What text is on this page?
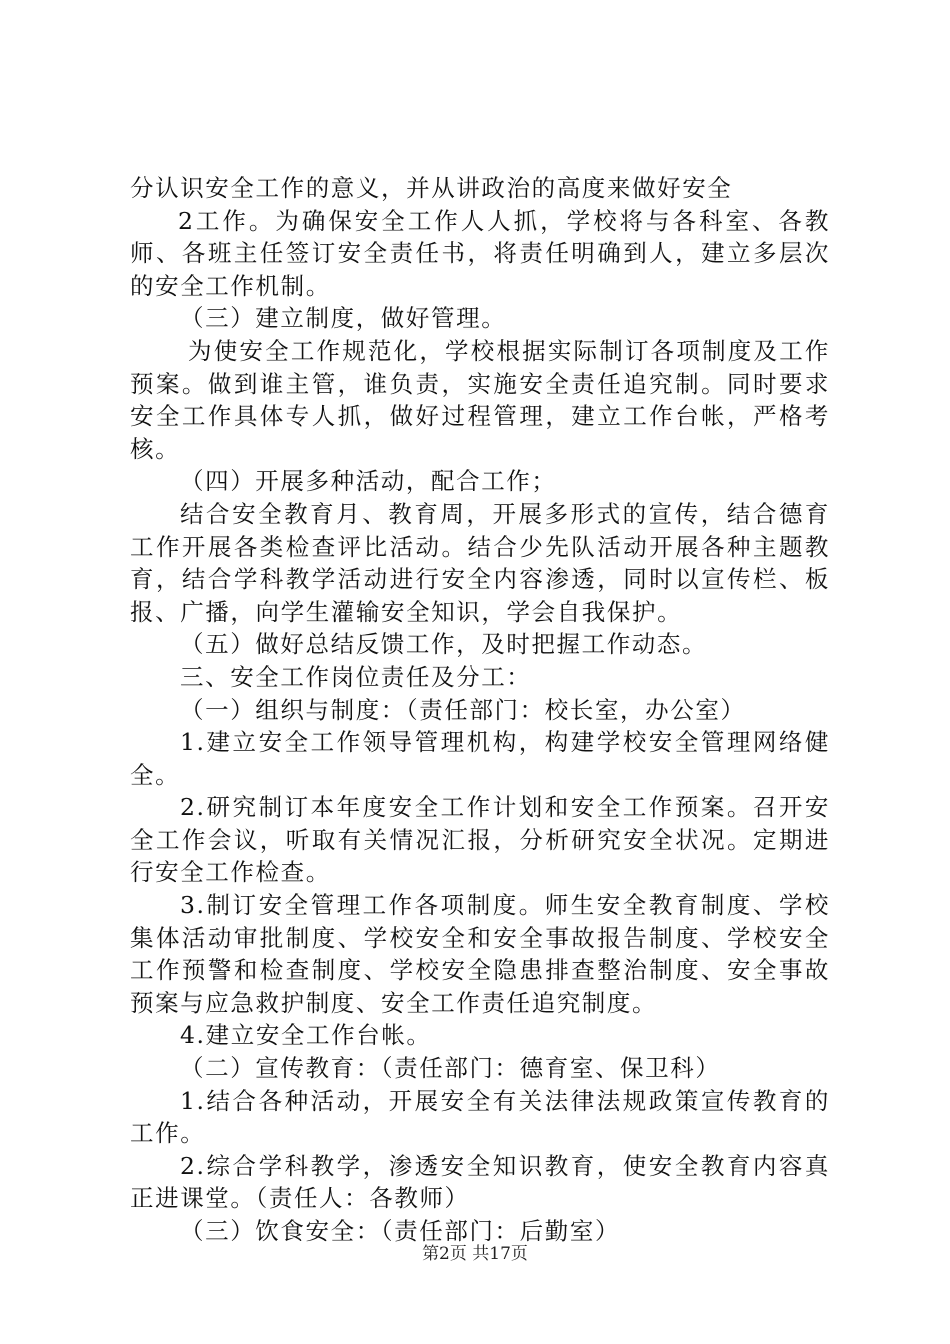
分认识安全工作的意义，并从讲政治的高度来做好安全

2工作。为确保安全工作人人抓，学校将与各科室、各教师、各班主任签订安全责任书，将责任明确到人，建立多层次的安全工作机制。

（三）建立制度，做好管理。

为使安全工作规范化，学校根据实际制订各项制度及工作预案。做到谁主管，谁负责，实施安全责任追究制。同时要求安全工作具体专人抓，做好过程管理，建立工作台帐，严格考核。

（四）开展多种活动，配合工作；

结合安全教育月、教育周，开展多形式的宣传，结合德育工作开展各类检查评比活动。结合少先队活动开展各种主题教育，结合学科教学活动进行安全内容渗透，同时以宣传栏、板报、广播，向学生灌输安全知识，学会自我保护。

（五）做好总结反馈工作，及时把握工作动态。

三、安全工作岗位责任及分工：

（一）组织与制度：（责任部门：校长室，办公室）

1.建立安全工作领导管理机构，构建学校安全管理网络健全。

2.研究制订本年度安全工作计划和安全工作预案。召开安全工作会议，听取有关情况汇报，分析研究安全状况。定期进行安全工作检查。

3.制订安全管理工作各项制度。师生安全教育制度、学校集体活动审批制度、学校安全和安全事故报告制度、学校安全工作预警和检查制度、学校安全隐患排查整治制度、安全事故预案与应急救护制度、安全工作责任追究制度。

4.建立安全工作台帐。

（二）宣传教育：（责任部门：德育室、保卫科）

1.结合各种活动，开展安全有关法律法规政策宣传教育的工作。

2.综合学科教学，渗透安全知识教育，使安全教育内容真正进课堂。（责任人：各教师）

（三）饮食安全：（责任部门：后勤室）

第2页 共17页
